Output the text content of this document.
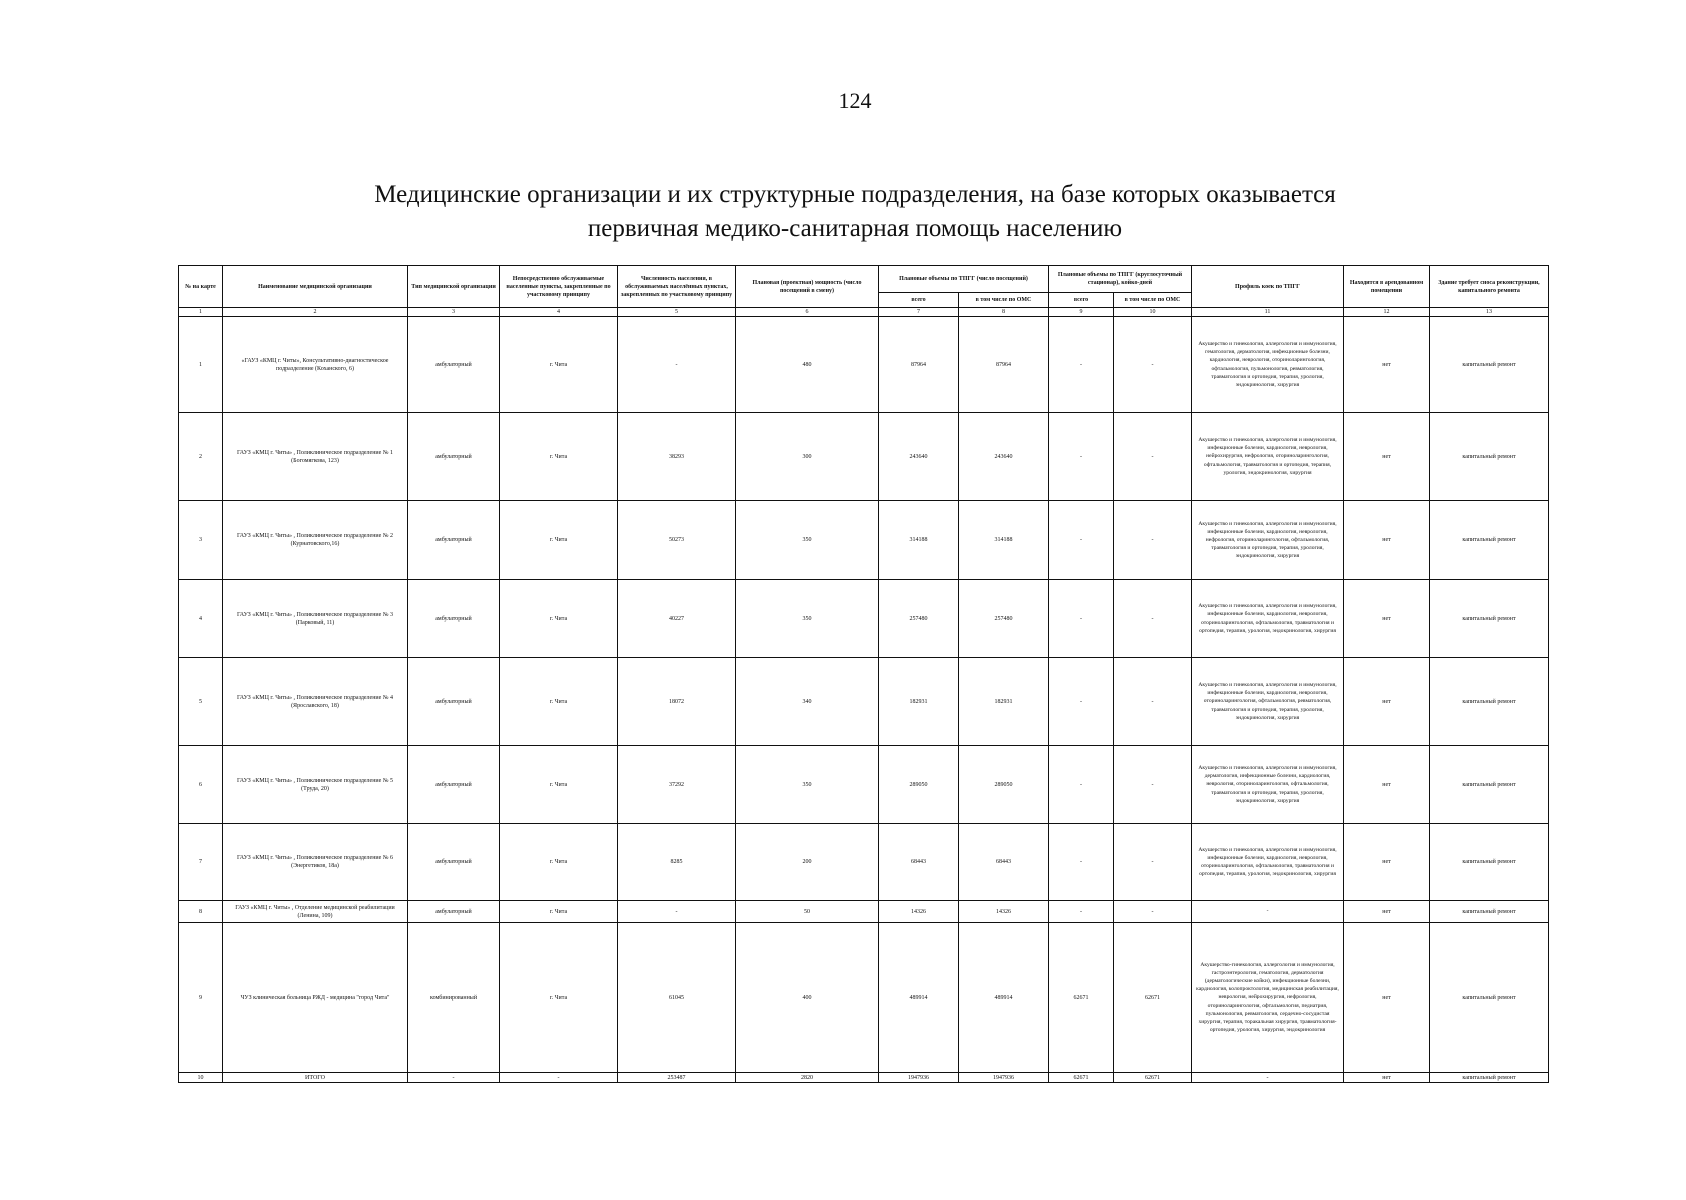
124
Медицинские организации и их структурные подразделения, на базе которых оказывается
первичная медико-санитарная помощь населению
№ на карте	Наименование медицинской организации	Тип медицинской организации	Непосредственно обслуживаемые населенные пункты, закрепленные по участковому принципу	Численность населения, в обслуживаемых населённых пунктах, закрепленных по участковому принципу	Плановая (проектная) мощность (число посещений в смену)	Плановые объемы по ТПГГ (число посещений)		Плановые объемы по ТПГГ (круглосуточный стационар), койко-дней		Профиль коек по ТПГГ	Находится в арендованном помещении	Здание требует сноса реконструкции, капитального ремонта
						всего	в том числе по ОМС	всего	в том числе по ОМС			
1	2	3	4	5	6	7	8	9	10	11	12	13
1	«ГАУЗ «КМЦ г. Читы», Консультативно-диагностическое подразделение (Коханского, 6)	амбулаторный	г. Чита	-	480	87964	87964	-	-	Акушерство и гинекология, аллергология и иммунология, гематология, дерматология, инфекционные болезни, кардиология, неврология, оториноларингология, офтальмология, пульмонология, ревматология, травматология и ортопедия, терапия, урология, эндокринология, хирургия	нет	капитальный ремонт
2	ГАУЗ «КМЦ г. Читы» , Поликлиническое подразделение № 1 (Богомягкова, 123)	амбулаторный	г. Чита	38293	300	243640	243640	-	-	Акушерство и гинекология, аллергология и иммунология, инфекционные болезни, кардиология, неврология, нейрохирургия, нефрология, оториноларингология, офтальмология, травматология и ортопедия, терапия, урология, эндокринология, хирургия	нет	капитальный ремонт
3	ГАУЗ «КМЦ г. Читы» , Поликлиническое подразделение № 2 (Курнатовского,16)	амбулаторный	г. Чита	50273	350	314188	314188	-	-	Акушерство и гинекология, аллергология и иммунология, инфекционные болезни, кардиология, неврология, нефрология, оториноларингология, офтальмология, травматология и ортопедия, терапия, урология, эндокринология, хирургия	нет	капитальный ремонт
4	ГАУЗ «КМЦ г. Читы» , Поликлиническое подразделение № 3 (Парковый, 11)	амбулаторный	г. Чита	40227	350	257480	257480	-	-	Акушерство и гинекология, аллергология и иммунология, инфекционные болезни, кардиология, неврология, оториноларингология, офтальмология, травматология и ортопедия, терапия, урология, эндокринология, хирургия	нет	капитальный ремонт
5	ГАУЗ «КМЦ г. Читы» , Поликлиническое подразделение № 4 (Ярославского, 18)	амбулаторный	г. Чита	18072	340	182931	182931	-	-	Акушерство и гинекология, аллергология и иммунология, инфекционные болезни, кардиология, неврология, оториноларингология, офтальмология, ревматология, травматология и ортопедия, терапия, урология, эндокринология, хирургия	нет	капитальный ремонт
6	ГАУЗ «КМЦ г. Читы» , Поликлиническое подразделение № 5 (Труда, 20)	амбулаторный	г. Чита	37292	350	289050	289050	-	-	Акушерство и гинекология, аллергология и иммунология, дерматология, инфекционные болезни, кардиология, неврология, оториноларингология, офтальмология, травматология и ортопедия, терапия, урология, эндокринология, хирургия	нет	капитальный ремонт
7	ГАУЗ «КМЦ г. Читы» , Поликлиническое подразделение № 6 (Энергетиков, 18а)	амбулаторный	г. Чита	8285	200	68443	68443	-	-	Акушерство и гинекология, аллергология и иммунология, инфекционные болезни, кардиология, неврология, оториноларингология, офтальмология, травматология и ортопедия, терапия, урология, эндокринология, хирургия	нет	капитальный ремонт
8	ГАУЗ «КМЦ г. Читы» , Отделение медицинской реабилитации (Ленина, 109)	амбулаторный	г. Чита	-	50	14326	14326	-	-	-	нет	капитальный ремонт
9	ЧУЗ клиническая больница РЖД - медицина "город Чита"	комбинированный	г. Чита	61045	400	489914	489914	62671	62671	Акушерство-гинекология, аллергология и иммунология, гастроэнтерология, гематология, дерматология (дерматологические койки), инфекционные болезни, кардиология, колопроктология, медицинская реабилитация, неврология, нейрохирургия, нефрология, оториноларингология, офтальмология, педиатрия, пульмонология, ревматология, сердечно-сосудистая хирургия, терапия, торакальная хирургия, травматология-ортопедия, урология, хирургия, эндокринология	нет	капитальный ремонт
10	ИТОГО	-	-	253487	2820	1947936	1947936	62671	62671	-	нет	капитальный ремонт
